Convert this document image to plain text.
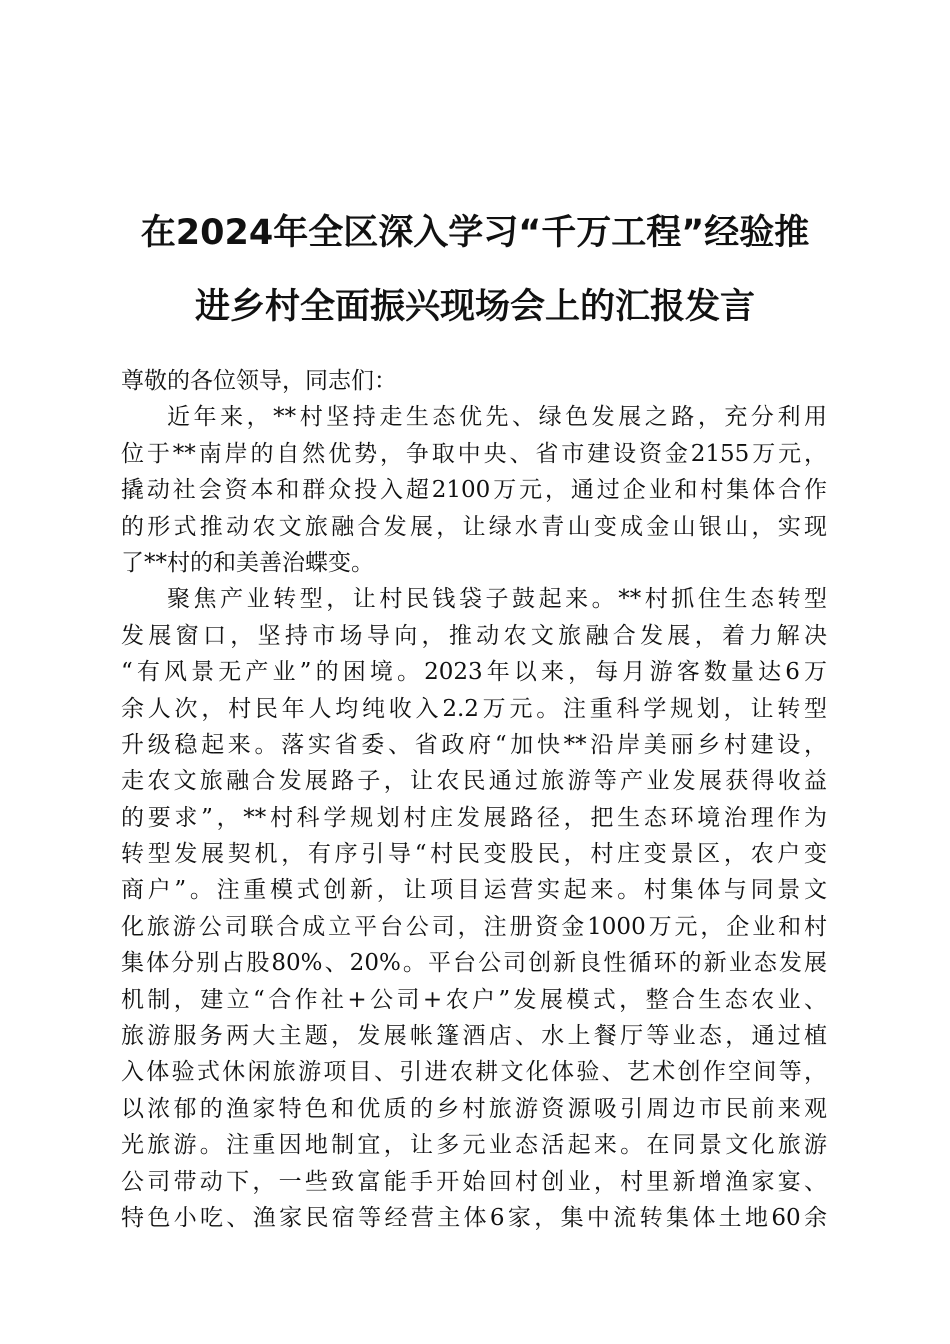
在2024年全区深入学习“千万工程”经验推
进乡村全面振兴现场会上的汇报发言
尊敬的各位领导，同志们：
近年来，**村坚持走生态优先、绿色发展之路，充分利用
位于**南岸的自然优势，争取中央、省市建设资金2155万元，
撬动社会资本和群众投入超2100万元，通过企业和村集体合作
的形式推动农文旅融合发展，让绿水青山变成金山银山，实现
了**村的和美善治蝶变。
聚焦产业转型，让村民钱袋子鼓起来。**村抓住生态转型
发展窗口，坚持市场导向，推动农文旅融合发展，着力解决
“有风景无产业”的困境。2023年以来，每月游客数量达6万
余人次，村民年人均纯收入2.2万元。注重科学规划，让转型
升级稳起来。落实省委、省政府“加快**沿岸美丽乡村建设，
走农文旅融合发展路子，让农民通过旅游等产业发展获得收益
的要求”，**村科学规划村庄发展路径，把生态环境治理作为
转型发展契机，有序引导“村民变股民，村庄变景区，农户变
商户”。注重模式创新，让项目运营实起来。村集体与同景文
化旅游公司联合成立平台公司，注册资金1000万元，企业和村
集体分别占股80%、20%。平台公司创新良性循环的新业态发展
机制，建立“合作社+公司+农户”发展模式，整合生态农业、
旅游服务两大主题，发展帐篷酒店、水上餐厅等业态，通过植
入体验式休闲旅游项目、引进农耕文化体验、艺术创作空间等，
以浓郁的渔家特色和优质的乡村旅游资源吸引周边市民前来观
光旅游。注重因地制宜，让多元业态活起来。在同景文化旅游
公司带动下，一些致富能手开始回村创业，村里新增渔家宴、
特色小吃、渔家民宿等经营主体6家，集中流转集体土地60余
